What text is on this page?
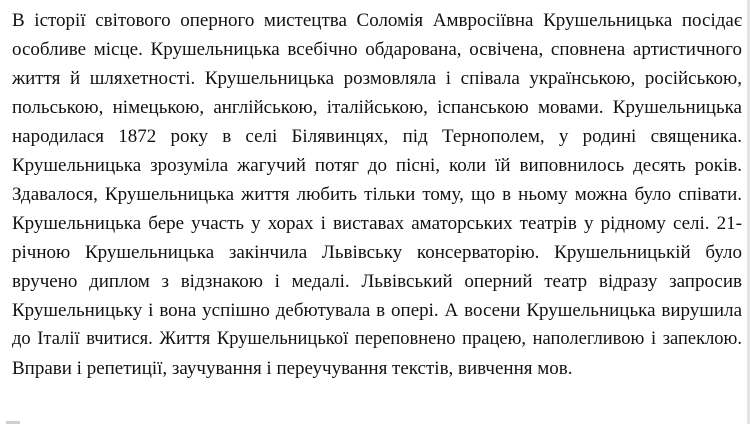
В історії світового оперного мистецтва Соломія Амвросіївна Крушельницька посідає
особливе місце. Крушельницька всебічно обдарована, освічена, сповнена артистичного
життя й шляхетності. Крушельницька розмовляла і співала українською, російською,
польською, німецькою, англійською, італійською, іспанською мовами. Крушельницька
народилася 1872 року в селі Білявинцях, під Тернополем, у родині священика.
Крушельницька зрозуміла жагучий потяг до пісні, коли їй виповнилось десять років.
Здавалося, Крушельницька життя любить тільки тому, що в ньому можна було співати.
Крушельницька бере участь у хорах і виставах аматорських театрів у рідному селі. 21-
річною Крушельницька закінчила Львівську консерваторію. Крушельницькій було
вручено диплом з відзнакою і медалі. Львівський оперний театр відразу запросив
Крушельницьку і вона успішно дебютувала в опері. А восени Крушельницька вирушила
до Італії вчитися. Життя Крушельницької переповнено працею, наполегливою і запеклою.
Вправи і репетиції, заучування і переучування текстів, вивчення мов.
